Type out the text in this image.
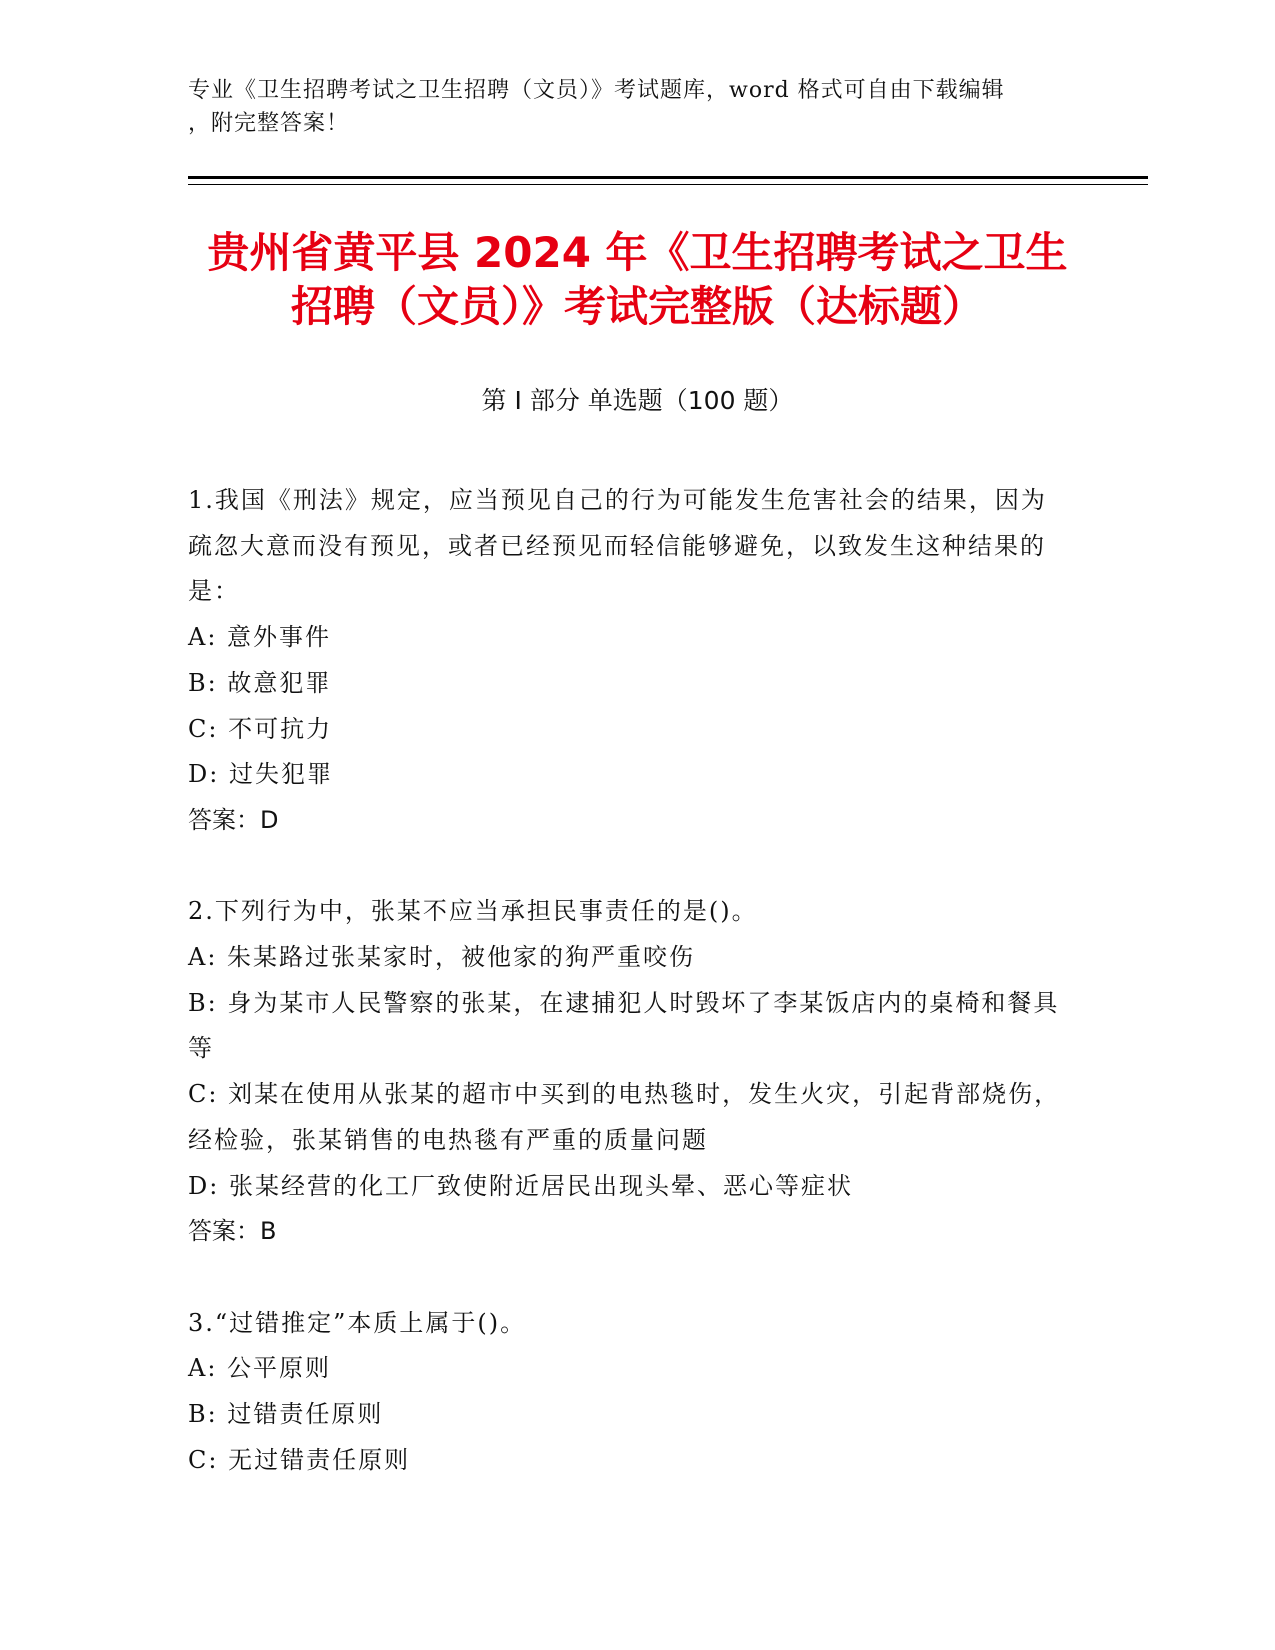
专业《卫生招聘考试之卫生招聘（文员）》考试题库，word 格式可自由下载编辑
，附完整答案！
贵州省黄平县 2024 年《卫生招聘考试之卫生
招聘（文员）》考试完整版（达标题）
第 I 部分 单选题（100 题）
1.我国《刑法》规定，应当预见自己的行为可能发生危害社会的结果，因为疏忽大意而没有预见，或者已经预见而轻信能够避免，以致发生这种结果的是：
A: 意外事件
B: 故意犯罪
C: 不可抗力
D: 过失犯罪
答案：D
2.下列行为中，张某不应当承担民事责任的是()。
A: 朱某路过张某家时，被他家的狗严重咬伤
B: 身为某市人民警察的张某，在逮捕犯人时毁坏了李某饭店内的桌椅和餐具等
C: 刘某在使用从张某的超市中买到的电热毯时，发生火灾，引起背部烧伤，经检验，张某销售的电热毯有严重的质量问题
D: 张某经营的化工厂致使附近居民出现头晕、恶心等症状
答案：B
3.“过错推定”本质上属于()。
A: 公平原则
B: 过错责任原则
C: 无过错责任原则
